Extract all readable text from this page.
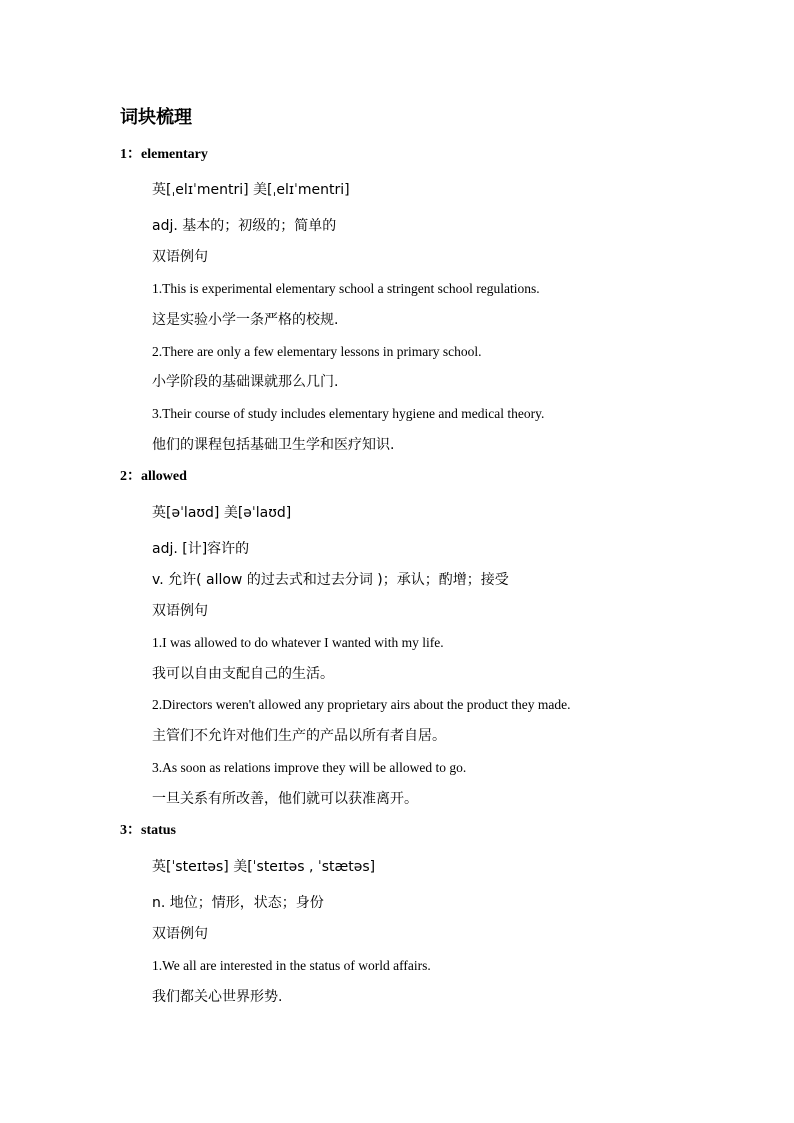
词块梳理
1：elementary
英[ˌelɪˈmentri] 美[ˌelɪˈmentri]
adj. 基本的；初级的；简单的
双语例句
1.This is experimental elementary school a stringent school regulations.
这是实验小学一条严格的校规.
2.There are only a few elementary lessons in primary school.
小学阶段的基础课就那么几门.
3.Their course of study includes elementary hygiene and medical theory.
他们的课程包括基础卫生学和医疗知识.
2：allowed
英[əˈlaʊd] 美[əˈlaʊd]
adj. [计]容许的
v. 允许( allow 的过去式和过去分词 )；承认；酌增；接受
双语例句
1.I was allowed to do whatever I wanted with my life.
我可以自由支配自己的生活。
2.Directors weren't allowed any proprietary airs about the product they made.
主管们不允许对他们生产的产品以所有者自居。
3.As soon as relations improve they will be allowed to go.
一旦关系有所改善，他们就可以获准离开。
3：status
英[ˈsteɪtəs] 美[ˈsteɪtəs , ˈstætəs]
n. 地位；情形，状态；身份
双语例句
1.We all are interested in the status of world affairs.
我们都关心世界形势.
